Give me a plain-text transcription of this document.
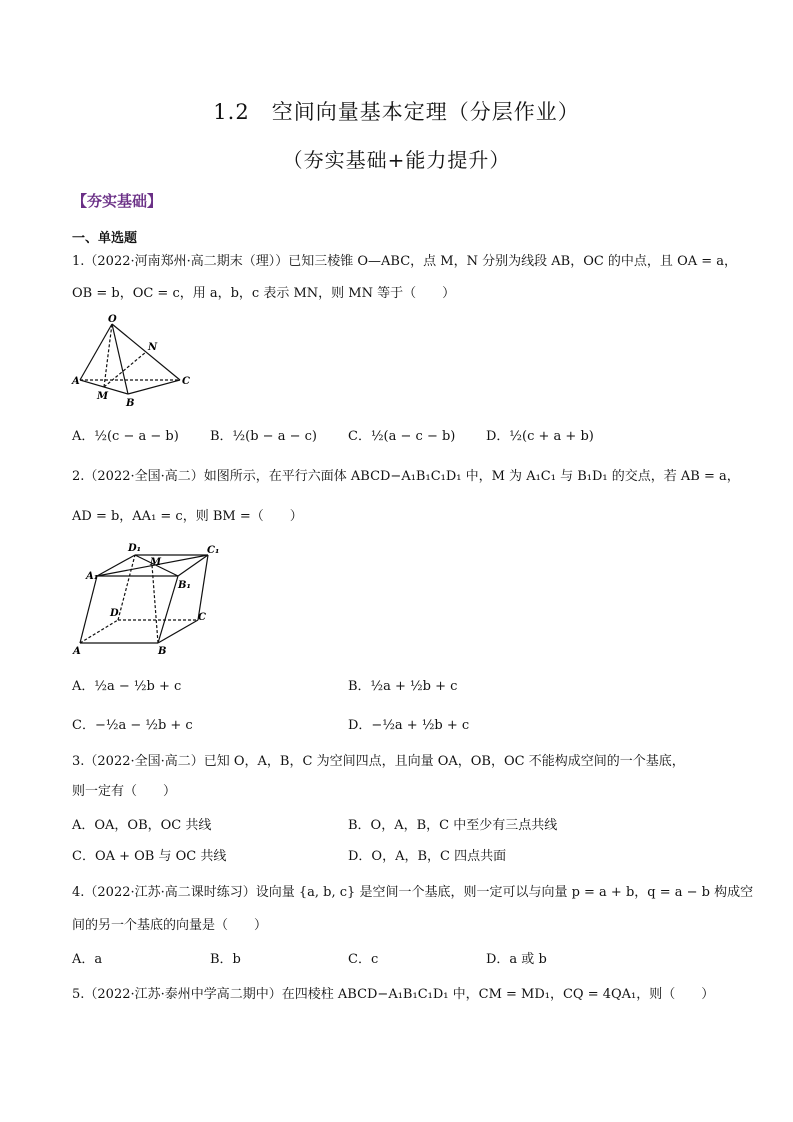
1.2　空间向量基本定理（分层作业）
（夯实基础+能力提升）
【夯实基础】
一、单选题
1.（2022·河南郑州·高二期末（理））已知三棱锥 O—ABC，点 M，N 分别为线段 AB，OC 的中点，且 OA = a，
OB = b，OC = c，用 a，b，c 表示 MN，则 MN 等于（　　）
O
N
A
M
B
C
A．½(c − a − b) B．½(b − a − c) C．½(a − c − b) D．½(c + a + b)
2.（2022·全国·高二）如图所示，在平行六面体 ABCD−A₁B₁C₁D₁ 中，M 为 A₁C₁ 与 B₁D₁ 的交点，若 AB = a，
AD = b，AA₁ = c，则 BM =（　　）
D₁	C₁
A₁
M
B₁
D	C
A	B
A．½a − ½b + c	B．½a + ½b + c
C．−½a − ½b + c	D．−½a + ½b + c
3.（2022·全国·高二）已知 O，A，B，C 为空间四点，且向量 OA，OB，OC 不能构成空间的一个基底，
则一定有（　　）
A．OA，OB，OC 共线	B．O，A，B，C 中至少有三点共线
C．OA + OB 与 OC 共线	D．O，A，B，C 四点共面
4.（2022·江苏·高二课时练习）设向量 {a, b, c} 是空间一个基底，则一定可以与向量 p = a + b，q = a − b 构成空
间的另一个基底的向量是（　　）
A．a	B．b	C．c	D．a 或 b
5.（2022·江苏·泰州中学高二期中）在四棱柱 ABCD−A₁B₁C₁D₁ 中，CM = MD₁，CQ = 4QA₁，则（　　）
